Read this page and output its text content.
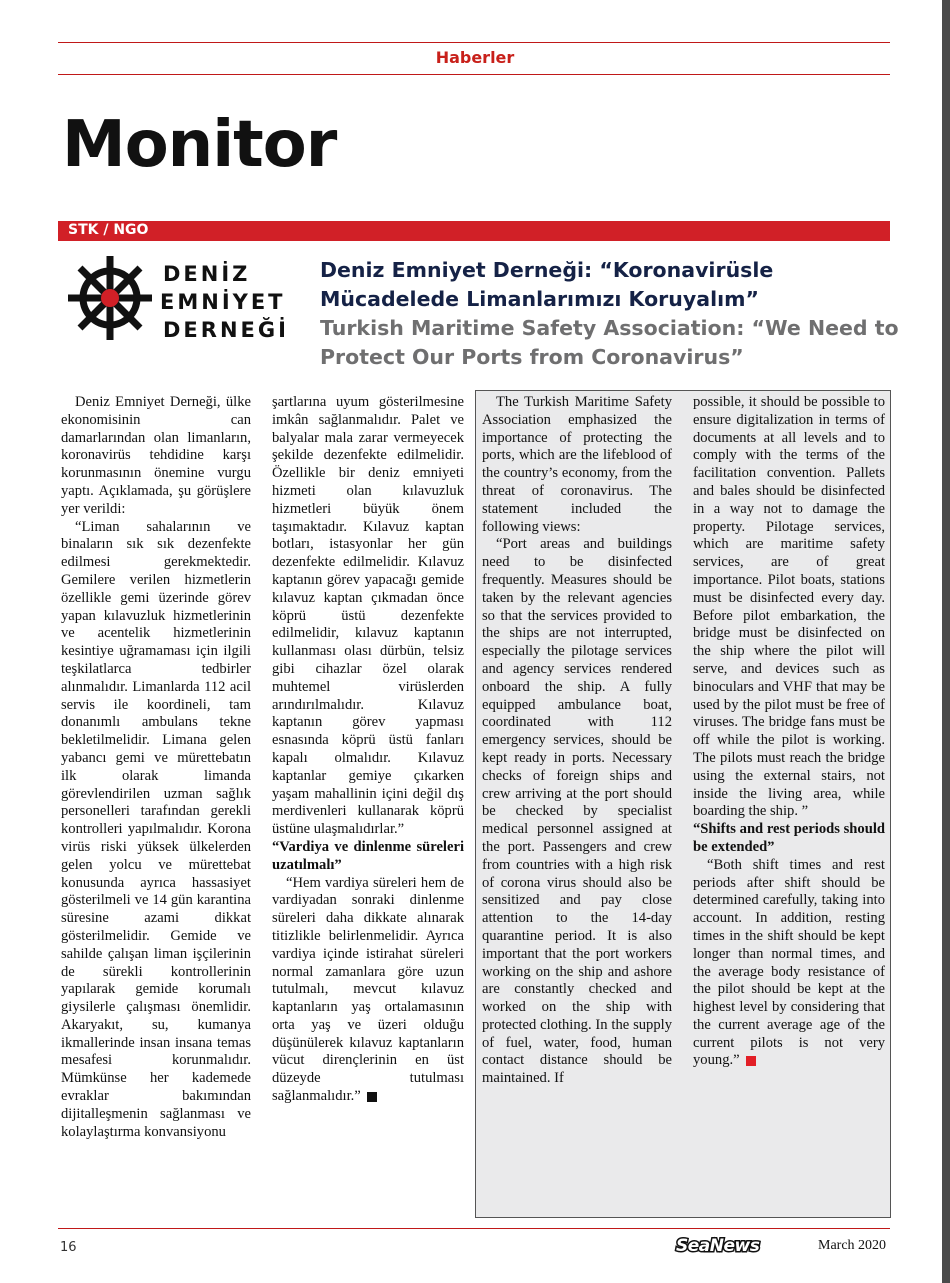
Haberler
Monitor
STK / NGO
DENİZ
EMNİYET
DERNEĞİ
Deniz Emniyet Derneği: “Koronavirüsle Mücadelede Limanlarımızı Koruyalım”
Turkish Maritime Safety Association: “We Need to Protect Our Ports from Coronavirus”

Deniz Emniyet Derneği, ülke ekonomisinin can damarlarından olan limanların, koronavirüs tehdidine karşı korunmasının önemine vurgu yaptı. Açıklamada, şu görüşlere yer verildi:

“Liman sahalarının ve binaların sık sık dezenfekte edilmesi gerekmektedir. Gemilere verilen hizmetlerin özellikle gemi üzerinde görev yapan kılavuzluk hizmetlerinin ve acentelik hizmetlerinin kesintiye uğramaması için ilgili teşkilatlarca tedbirler alınmalıdır. Limanlarda 112 acil servis ile koordineli, tam donanımlı ambulans tekne bekletilmelidir. Limana gelen yabancı gemi ve mürettebatın ilk olarak limanda görevlendirilen uzman sağlık personelleri tarafından gerekli kontrolleri yapılmalıdır. Korona virüs riski yüksek ülkelerden gelen yolcu ve mürettebat konusunda ayrıca hassasiyet gösterilmeli ve 14 gün karantina süresine azami dikkat gösterilmelidir. Gemide ve sahilde çalışan liman işçilerinin de sürekli kontrollerinin yapılarak gemide korumalı giysilerle çalışması önemlidir. Akaryakıt, su, kumanya ikmallerinde insan insana temas mesafesi korunmalıdır. Mümkünse her kademede evraklar bakımından dijitalleşmenin sağlanması ve kolaylaştırma konvansiyonu

şartlarına uyum gösterilmesine imkân sağlanmalıdır. Palet ve balyalar mala zarar vermeyecek şekilde dezenfekte edilmelidir. Özellikle bir deniz emniyeti hizmeti olan kılavuzluk hizmetleri büyük önem taşımaktadır. Kılavuz kaptan botları, istasyonlar her gün dezenfekte edilmelidir. Kılavuz kaptanın görev yapacağı gemide kılavuz kaptan çıkmadan önce köprü üstü dezenfekte edilmelidir, kılavuz kaptanın kullanması olası dürbün, telsiz gibi cihazlar özel olarak muhtemel virüslerden arındırılmalıdır. Kılavuz kaptanın görev yapması esnasında köprü üstü fanları kapalı olmalıdır. Kılavuz kaptanlar gemiye çıkarken yaşam mahallinin içini değil dış merdivenleri kullanarak köprü üstüne ulaşmalıdırlar.”

“Vardiya ve dinlenme süreleri uzatılmalı”

“Hem vardiya süreleri hem de vardiyadan sonraki dinlenme süreleri daha dikkate alınarak titizlikle belirlenmelidir. Ayrıca vardiya içinde istirahat süreleri normal zamanlara göre uzun tutulmalı, mevcut kılavuz kaptanların yaş ortalamasının orta yaş ve üzeri olduğu düşünülerek kılavuz kaptanların vücut dirençlerinin en üst düzeyde tutulması sağlanmalıdır.”

The Turkish Maritime Safety Association emphasized the importance of protecting the ports, which are the lifeblood of the country’s economy, from the threat of coronavirus. The statement included the following views:

“Port areas and buildings need to be disinfected frequently. Measures should be taken by the relevant agencies so that the services provided to the ships are not interrupted, especially the pilotage services and agency services rendered onboard the ship. A fully equipped ambulance boat, coordinated with 112 emergency services, should be kept ready in ports. Necessary checks of foreign ships and crew arriving at the port should be checked by specialist medical personnel assigned at the port. Passengers and crew from countries with a high risk of corona virus should also be sensitized and pay close attention to the 14-day quarantine period. It is also important that the port workers working on the ship and ashore are constantly checked and worked on the ship with protected clothing. In the supply of fuel, water, food, human contact distance should be maintained. If

possible, it should be possible to ensure digitalization in terms of documents at all levels and to comply with the terms of the facilitation convention. Pallets and bales should be disinfected in a way not to damage the property. Pilotage services, which are maritime safety services, are of great importance. Pilot boats, stations must be disinfected every day. Before pilot embarkation, the bridge must be disinfected on the ship where the pilot will serve, and devices such as binoculars and VHF that may be used by the pilot must be free of viruses. The bridge fans must be off while the pilot is working. The pilots must reach the bridge using the external stairs, not inside the living area, while boarding the ship. ”

“Shifts and rest periods should be extended”

“Both shift times and rest periods after shift should be determined carefully, taking into account. In addition, resting times in the shift should be kept longer than normal times, and the average body resistance of the pilot should be kept at the highest level by considering that the current average age of the current pilots is not very young.”

16	SeaNews	March 2020
